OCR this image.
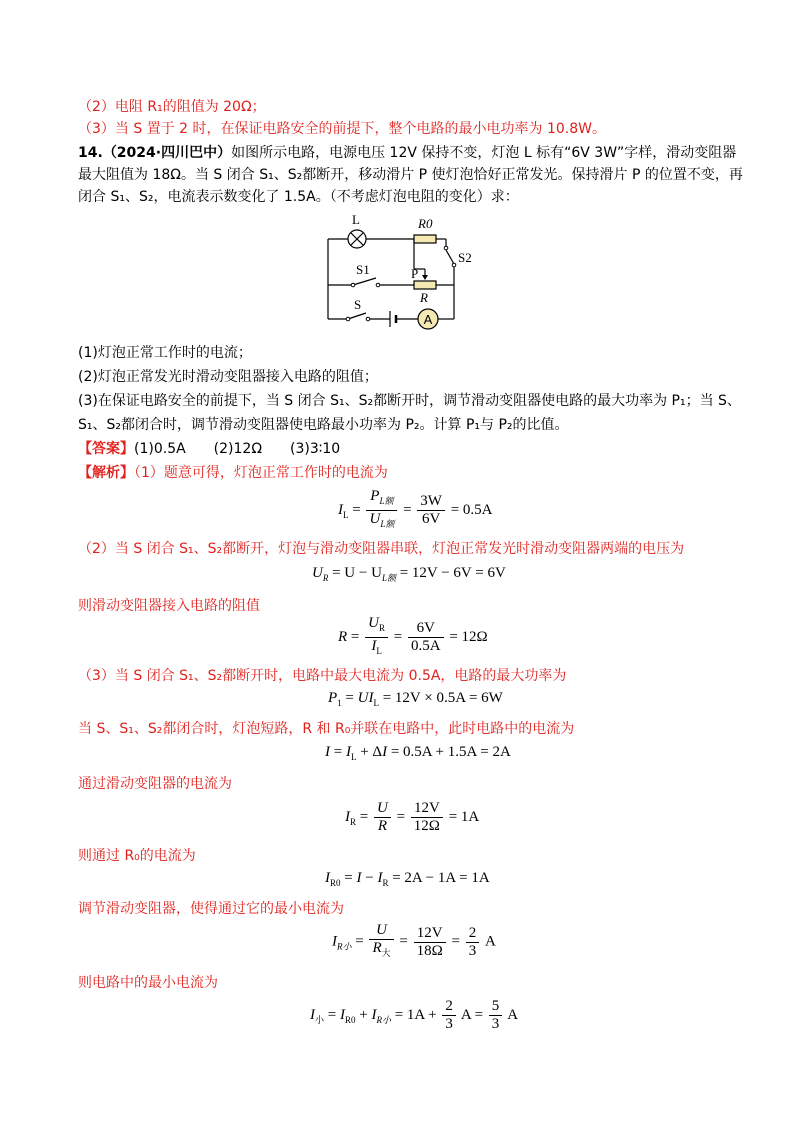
（2）电阻 R₁的阻值为 20Ω；
（3）当 S 置于 2 时，在保证电路安全的前提下，整个电路的最小电功率为 10.8W。
14.（2024·四川巴中）如图所示电路，电源电压 12V 保持不变，灯泡 L 标有“6V 3W”字样，滑动变阻器
最大阻值为 18Ω。当 S 闭合 S₁、S₂都断开，移动滑片 P 使灯泡恰好正常发光。保持滑片 P 的位置不变，再
闭合 S₁、S₂，电流表示数变化了 1.5A。（不考虑灯泡电阻的变化）求：
A
L	R0
S2
S1	P
R
S
(1)灯泡正常工作时的电流；
(2)灯泡正常发光时滑动变阻器接入电路的阻值；
(3)在保证电路安全的前提下，当 S 闭合 S₁、S₂都断开时，调节滑动变阻器使电路的最大功率为 P₁；当 S、
S₁、S₂都闭合时，调节滑动变阻器使电路最小功率为 P₂。计算 P₁与 P₂的比值。
【答案】(1)0.5A　　(2)12Ω　　(3)3∶10
【解析】（1）题意可得，灯泡正常工作时的电流为
$I_L = \frac{P_{L额}}{U_{L额}} = \frac{3W}{6V} = 0.5A$
（2）当 S 闭合 S₁、S₂都断开，灯泡与滑动变阻器串联，灯泡正常发光时滑动变阻器两端的电压为
$U_R = U - U_{L额} = 12V - 6V = 6V$
则滑动变阻器接入电路的阻值
$R = \frac{U_R}{I_L} = \frac{6V}{0.5A} = 12\Omega$
（3）当 S 闭合 S₁、S₂都断开时，电路中最大电流为 0.5A，电路的最大功率为
$P_1 = UI_L = 12V \times 0.5A = 6W$
当 S、S₁、S₂都闭合时，灯泡短路，R 和 R₀并联在电路中，此时电路中的电流为
$I = I_L + \Delta I = 0.5A + 1.5A = 2A$
通过滑动变阻器的电流为
$I_R = \frac{U}{R} = \frac{12V}{12\Omega} = 1A$
则通过 R₀的电流为
$I_{R0} = I - I_R = 2A - 1A = 1A$
调节滑动变阻器，使得通过它的最小电流为
$I_{R小} = \frac{U}{R_大} = \frac{12V}{18\Omega} = \frac{2}{3}$ A
则电路中的最小电流为
$I_小 = I_{R0} + I_{R小} = 1A + \frac{2}{3}$ $A = \frac{5}{3}$ A
